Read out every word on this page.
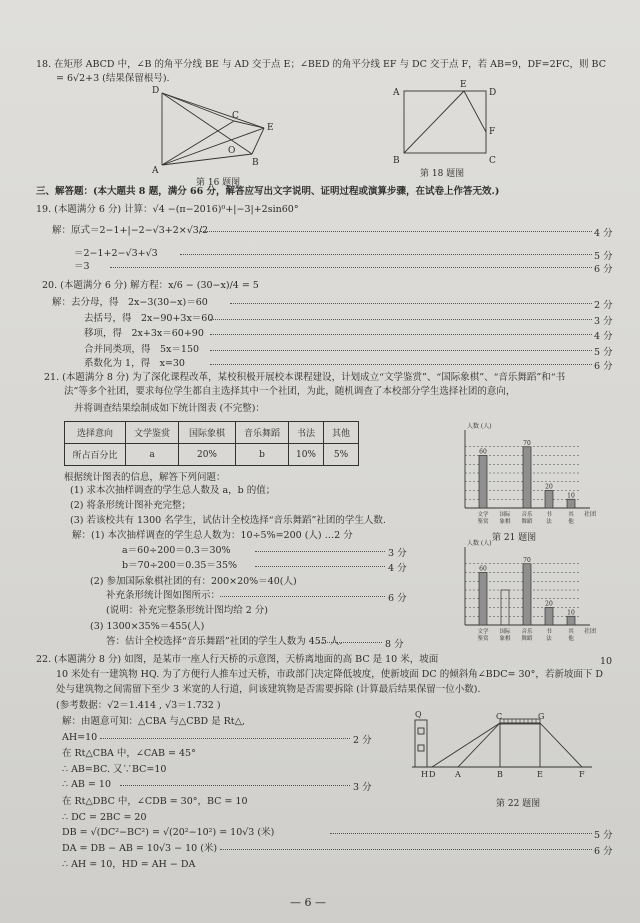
18. 在矩形 ABCD 中，∠B 的角平分线 BE 与 AD 交于点 E；∠BED 的角平分线 EF 与 DC 交于点 F，若 AB=9，DF=2FC，则 BC
= 6√2+3 (结果保留根号).
D
C
E
O
A
B
第 16 题图
A
E
D
F
B	C
第 18 题图
三、解答题：(本大题共 8 题，满分 66 分，解答应写出文字说明、证明过程或演算步骤，在试卷上作答无效.)
19. (本题满分 6 分) 计算：√4 −(π−2016)⁰+|−3|+2sin60°
解：原式＝2−1+|−2−√3+2×√3/2	4 分
＝2−1+2−√3+√3	5 分
＝3	6 分
20. (本题满分 6 分) 解方程：x/6 − (30−x)/4 = 5
解：去分母，得　2x−3(30−x)＝60	2 分
去括号，得　2x−90+3x＝60	3 分
移项，得　2x+3x＝60+90	4 分
合并同类项，得　5x＝150	5 分
系数化为 1，得　x=30	6 分
21. (本题满分 8 分) 为了深化课程改革，某校积极开展校本课程建设，计划成立“文学鉴赏”、“国际象棋”、“音乐舞蹈”和“书
法”等多个社团，要求每位学生都自主选择其中一个社团，为此，随机调查了本校部分学生选择社团的意向，
并将调查结果绘制成如下统计图表 (不完整)：
选择意向	文学鉴赏	国际象棋	音乐舞蹈	书法	其他
所占百分比	a	20%	b	10%	5%
根据统计图表的信息，解答下列问题：
(1) 求本次抽样调查的学生总人数及 a，b 的值；
(2) 将条形统计图补充完整；
(3) 若该校共有 1300 名学生，试估计全校选择“音乐舞蹈”社团的学生人数.
解：(1) 本次抽样调查的学生总人数为：10÷5%=200 (人) …2 分
a＝60÷200＝0.3＝30%	3 分
b＝70÷200＝0.35＝35%	4 分
(2) 参加国际象棋社团的有：200×20%＝40(人)
补充条形统计图如图所示：	6 分
(说明：补充完整条形统计图均给 2 分)
(3) 1300×35%＝455(人)
答：估计全校选择“音乐舞蹈”社团的学生人数为 455 人.	8 分
人数 (人)
社团
60
文学
鉴赏
国际
象棋
70
音乐
舞蹈
20
书
法
10
其
他
第 21 题图
人数 (人)
社团
60
文学
鉴赏
国际
象棋
70
音乐
舞蹈
20
书
法
10
其
他
22. (本题满分 8 分) 如图，是某市一座人行天桥的示意图，天桥离地面的高 BC 是 10 米，坡面	10
10 米处有一建筑物 HQ. 为了方便行人推车过天桥，市政部门决定降低坡度，使新坡面 DC 的倾斜角∠BDC= 30°，若新坡面下 D
处与建筑物之间需留下至少 3 米宽的人行道，问该建筑物是否需要拆除 (计算最后结果保留一位小数).
(参考数据：√2＝1.414 , √3＝1.732 )
解：由题意可知：△CBA 与△CBD 是 Rt△,
AH=10	2 分
在 Rt△CBA 中，∠CAB = 45°
∴ AB=BC. 又∵BC=10
∴ AB = 10	3 分
在 Rt△DBC 中，∠CDB = 30°，BC = 10
∴ DC = 2BC = 20
DB = √(DC²−BC²) = √(20²−10²) = 10√3 (米)	5 分
DA = DB − AB = 10√3 − 10 (米)	6 分
∴ AH = 10，HD = AH − DA
Q	C	G
H D A	B	E	F
第 22 题图
— 6 —
